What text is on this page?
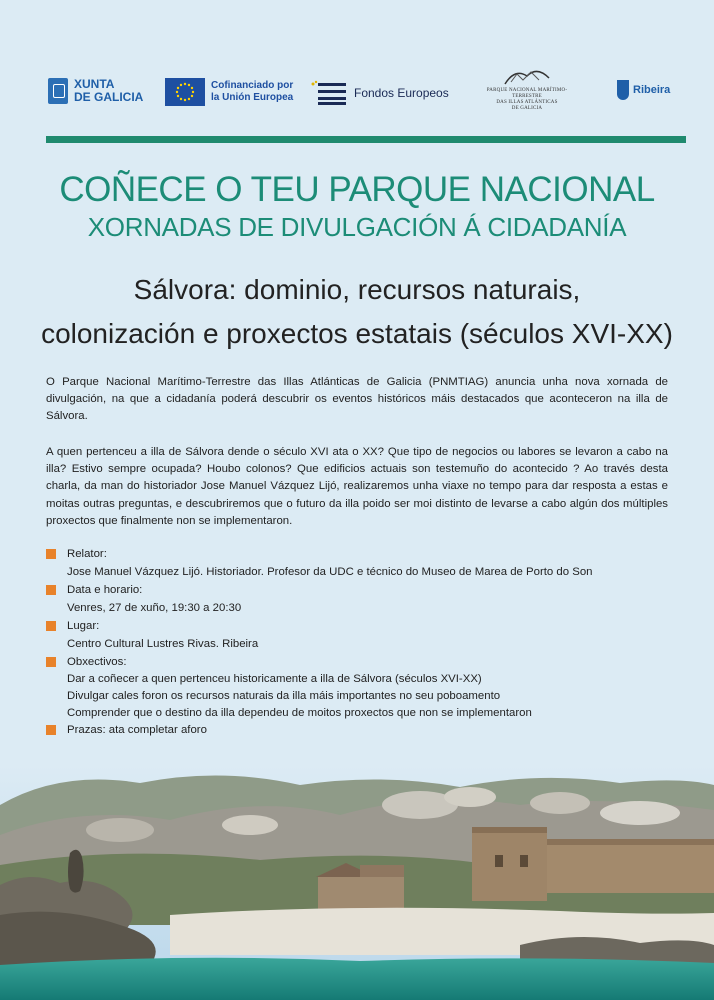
XUNTA
DE GALICIA
Cofinanciado por
la Unión Europea	Fondos Europeos	PARQUE NACIONAL MARÍTIMO-TERRESTRE
DAS ILLAS ATLÁNTICAS
DE GALICIA
Ribeira
COÑECE O TEU PARQUE NACIONAL
XORNADAS DE DIVULGACIÓN Á CIDADANÍA
Sálvora: dominio, recursos naturais,
colonización e proxectos estatais (séculos XVI-XX)
O Parque Nacional Marítimo-Terrestre das Illas Atlánticas de Galicia (PNMTIAG) anuncia unha nova xornada de divulgación, na que a cidadanía poderá descubrir os eventos históricos máis destacados que aconteceron na illa de Sálvora.
A quen pertenceu a illa de Sálvora dende o século XVI ata o XX? Que tipo de negocios ou labores se levaron a cabo na illa? Estivo sempre ocupada? Houbo colonos? Que edificios actuais son testemuño do acontecido ? Ao través desta charla, da man do historiador Jose Manuel Vázquez Lijó, realizaremos unha viaxe no tempo para dar resposta a estas e moitas outras preguntas, e descubriremos que o futuro da illa poido ser moi distinto de levarse a cabo algún dos múltiples proxectos que finalmente non se implementaron.
Relator:
Jose Manuel Vázquez Lijó. Historiador. Profesor da UDC e técnico do Museo de Marea de Porto do Son
Data e horario:
Venres, 27 de xuño, 19:30 a 20:30
Lugar:
Centro Cultural Lustres Rivas. Ribeira
Obxectivos:
Dar a coñecer a quen pertenceu historicamente a illa de Sálvora (séculos XVI-XX)
Divulgar cales foron os recursos naturais da illa máis importantes no seu poboamento
Comprender que o destino da illa dependeu de moitos proxectos que non se implementaron
Prazas: ata completar aforo
